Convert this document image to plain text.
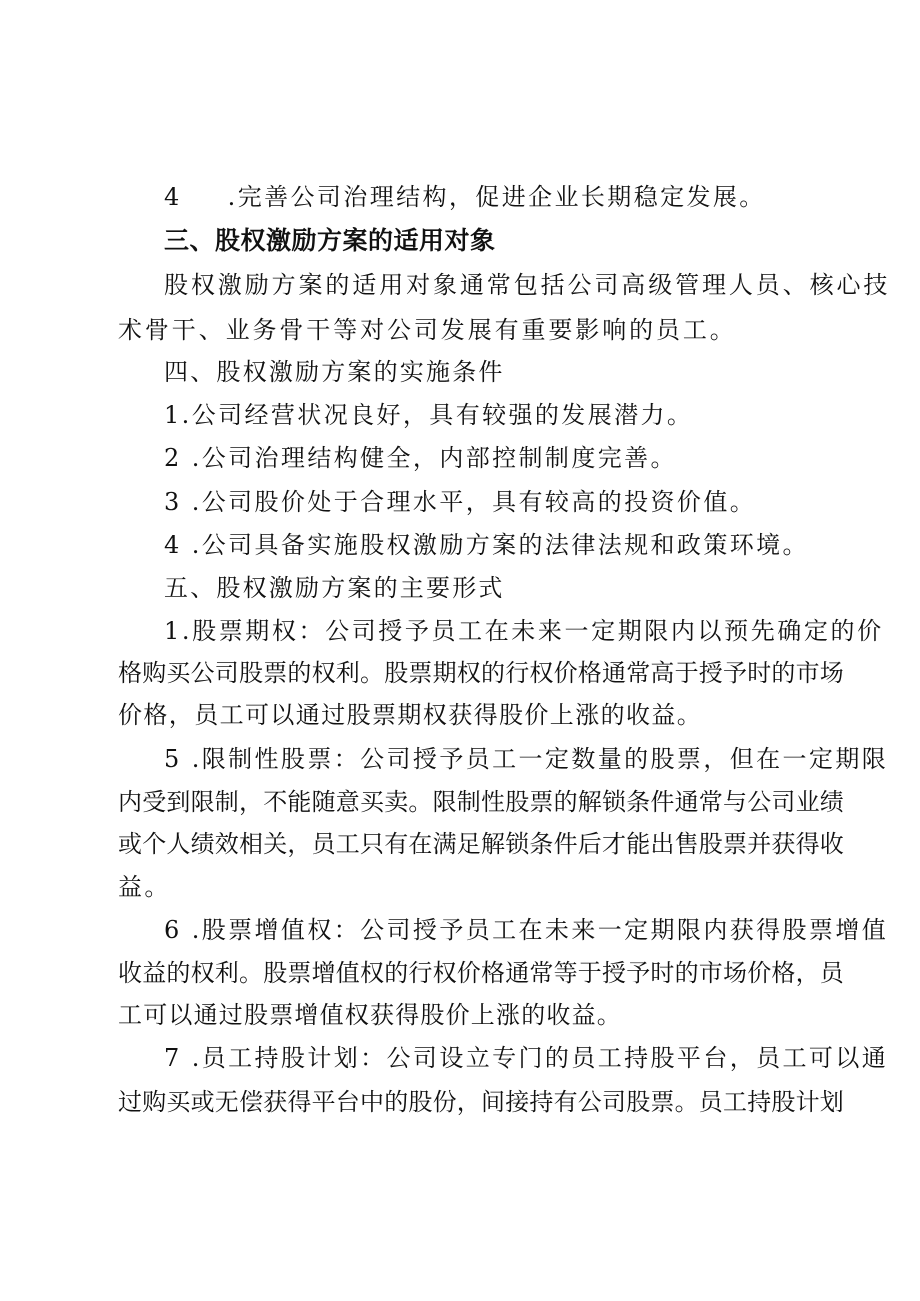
4 .完善公司治理结构，促进企业长期稳定发展。
三、股权激励方案的适用对象
股权激励方案的适用对象通常包括公司高级管理人员、核心技
术骨干、业务骨干等对公司发展有重要影响的员工。
四、股权激励方案的实施条件
1.公司经营状况良好，具有较强的发展潜力。
2 .公司治理结构健全，内部控制制度完善。
3 .公司股价处于合理水平，具有较高的投资价值。
4 .公司具备实施股权激励方案的法律法规和政策环境。
五、股权激励方案的主要形式
1.股票期权：公司授予员工在未来一定期限内以预先确定的价
格购买公司股票的权利。股票期权的行权价格通常高于授予时的市场
价格，员工可以通过股票期权获得股价上涨的收益。
5 .限制性股票：公司授予员工一定数量的股票，但在一定期限
内受到限制，不能随意买卖。限制性股票的解锁条件通常与公司业绩
或个人绩效相关，员工只有在满足解锁条件后才能出售股票并获得收
益。
6 .股票增值权：公司授予员工在未来一定期限内获得股票增值
收益的权利。股票增值权的行权价格通常等于授予时的市场价格，员
工可以通过股票增值权获得股价上涨的收益。
7 .员工持股计划：公司设立专门的员工持股平台，员工可以通
过购买或无偿获得平台中的股份，间接持有公司股票。员工持股计划
